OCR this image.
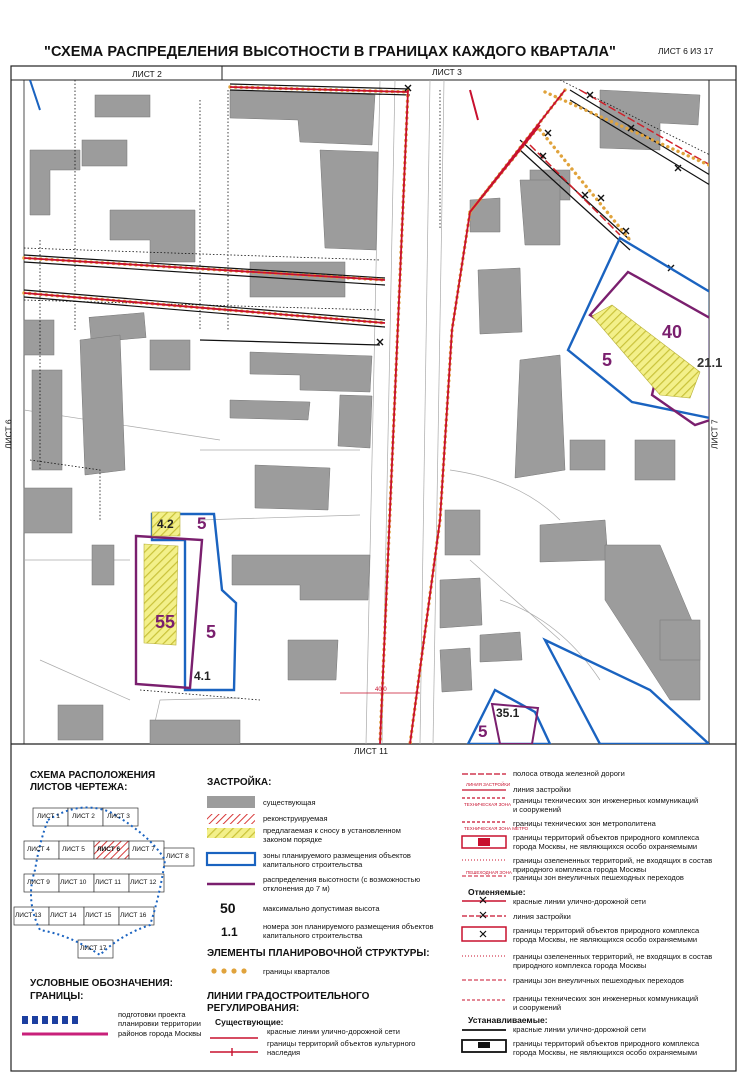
"СХЕМА РАСПРЕДЕЛЕНИЯ ВЫСОТНОСТИ В ГРАНИЦАХ КАЖДОГО КВАРТАЛА"	ЛИСТ 6 ИЗ 17
ЛИСТ 2	ЛИСТ 3
ЛИСТ 6	ЛИСТ 7
ЛИСТ 11
40
5	21.1
4.2 5
55 5
4.1
35.1
5
40.0
СХЕМА РАСПОЛОЖЕНИЯ ЛИСТОВ ЧЕРТЕЖА:
ЛИСТ 1 ЛИСТ 2 ЛИСТ 3
ЛИСТ 4 ЛИСТ 5 ЛИСТ 6 ЛИСТ 7
ЛИСТ 8
ЛИСТ 9 ЛИСТ 10 ЛИСТ 11 ЛИСТ 12
ЛИСТ 13 ЛИСТ 14 ЛИСТ 15 ЛИСТ 16
ЛИСТ 17
УСЛОВНЫЕ ОБОЗНАЧЕНИЯ:
ГРАНИЦЫ:
подготовки проекта планировки территории
районов города Москвы
ЗАСТРОЙКА:
существующая
реконструируемая
предлагаемая к сносу в установленном законом порядке
зоны планируемого размещения объектов капитального строительства
распределения высотности (с возможностью отклонения до 7 м)
50	максимально допустимая высота
1.1	номера зон планируемого размещения объектов капитального строительства
ЭЛЕМЕНТЫ ПЛАНИРОВОЧНОЙ СТРУКТУРЫ:
границы кварталов
ЛИНИИ ГРАДОСТРОИТЕЛЬНОГО РЕГУЛИРОВАНИЯ:
Существующие:
красные линии улично-дорожной сети
границы территорий объектов культурного наследия
полоса отвода железной дороги
линия застройки
границы технических зон инженерных коммуникаций и сооружений
границы технических зон метрополитена
границы территорий объектов природного комплекса города Москвы, не являющихся особо охраняемыми
границы озелененных территорий, не входящих в состав природного комплекса города Москвы
границы зон внеуличных пешеходных переходов
Отменяемые:
красные линии улично-дорожной сети
линия застройки
границы территорий объектов природного комплекса города Москвы, не являющихся особо охраняемыми
границы озелененных территорий, не входящих в состав природного комплекса города Москвы
границы зон внеуличных пешеходных переходов
границы технических зон инженерных коммуникаций и сооружений
Устанавливаемые:
красные линии улично-дорожной сети
границы территорий объектов природного комплекса города Москвы, не являющихся особо охраняемыми
ЛИНИЯ ЗАСТРОЙКИ
ТЕХНИЧЕСКАЯ ЗОНА
ТЕХНИЧЕСКАЯ ЗОНА МЕТРО
ПЕШЕХОДНАЯ ЗОНА
